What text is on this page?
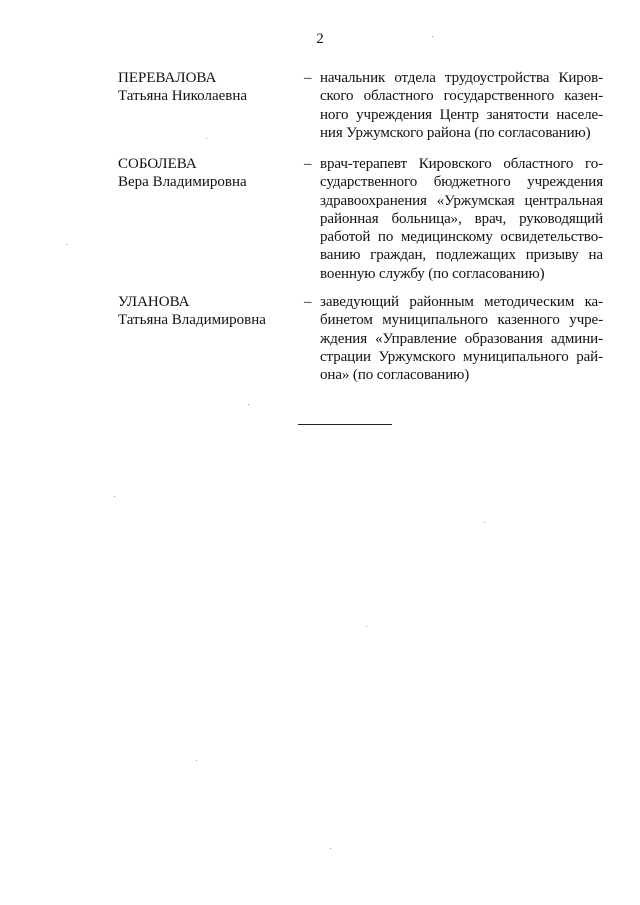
2
ПЕРЕВАЛОВА
Татьяна Николаевна
– начальник отдела трудоустройства Киров-
ского областного государственного казен-
ного учреждения Центр занятости населе-
ния Уржумского района (по согласованию)
СОБОЛЕВА
Вера Владимировна
– врач-терапевт Кировского областного го-
сударственного бюджетного учреждения
здравоохранения «Уржумская центральная
районная больница», врач, руководящий
работой по медицинскому освидетельство-
ванию граждан, подлежащих призыву на
военную службу (по согласованию)
УЛАНОВА
Татьяна Владимировна
– заведующий районным методическим ка-
бинетом муниципального казенного учре-
ждения «Управление образования админи-
страции Уржумского муниципального рай-
она» (по согласованию)
